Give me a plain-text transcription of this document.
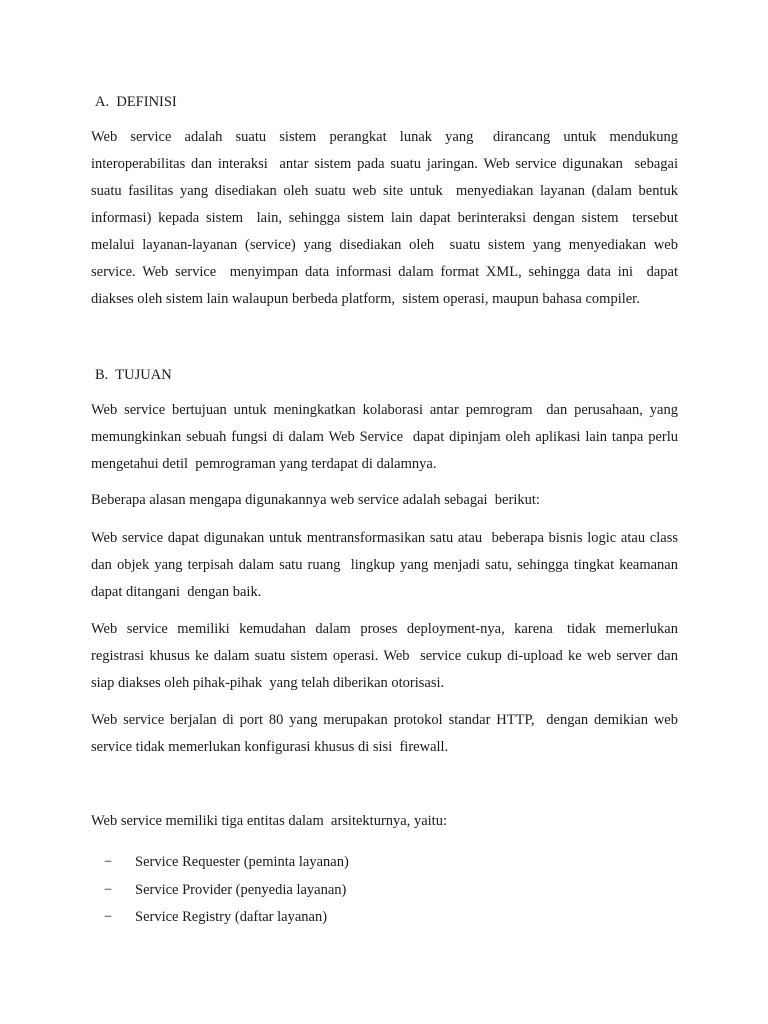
A.  DEFINISI
Web  service  adalah  suatu  sistem  perangkat  lunak  yang   dirancang  untuk  mendukung
interoperabilitas dan interaksi  antar sistem pada suatu jaringan. Web service digunakan  sebagai
suatu fasilitas yang disediakan oleh suatu web site untuk  menyediakan layanan (dalam bentuk
informasi) kepada sistem  lain, sehingga sistem lain dapat berinteraksi dengan sistem  tersebut
melalui layanan-layanan (service) yang disediakan oleh  suatu sistem yang menyediakan web
service. Web service  menyimpan data informasi dalam format XML, sehingga data ini  dapat
diakses oleh sistem lain walaupun berbeda platform,  sistem operasi, maupun bahasa compiler.
B.  TUJUAN
Web service bertujuan untuk meningkatkan kolaborasi antar pemrogram  dan perusahaan, yang
memungkinkan sebuah fungsi di dalam Web Service  dapat dipinjam oleh aplikasi lain tanpa perlu
mengetahui detil  pemrograman yang terdapat di dalamnya.
Beberapa alasan mengapa digunakannya web service adalah sebagai  berikut:
Web service dapat digunakan untuk mentransformasikan satu atau  beberapa bisnis logic atau class
dan objek yang terpisah dalam satu ruang  lingkup yang menjadi satu, sehingga tingkat keamanan
dapat ditangani  dengan baik.
Web  service  memiliki  kemudahan  dalam  proses  deployment-nya,  karena   tidak  memerlukan
registrasi khusus ke dalam suatu sistem operasi. Web  service cukup di-upload ke web server dan
siap diakses oleh pihak-pihak  yang telah diberikan otorisasi.
Web service berjalan di port 80 yang merupakan protokol standar HTTP,  dengan demikian web
service tidak memerlukan konfigurasi khusus di sisi  firewall.
Web service memiliki tiga entitas dalam  arsitekturnya, yaitu:
− Service Requester (peminta layanan)
− Service Provider (penyedia layanan)
− Service Registry (daftar layanan)
